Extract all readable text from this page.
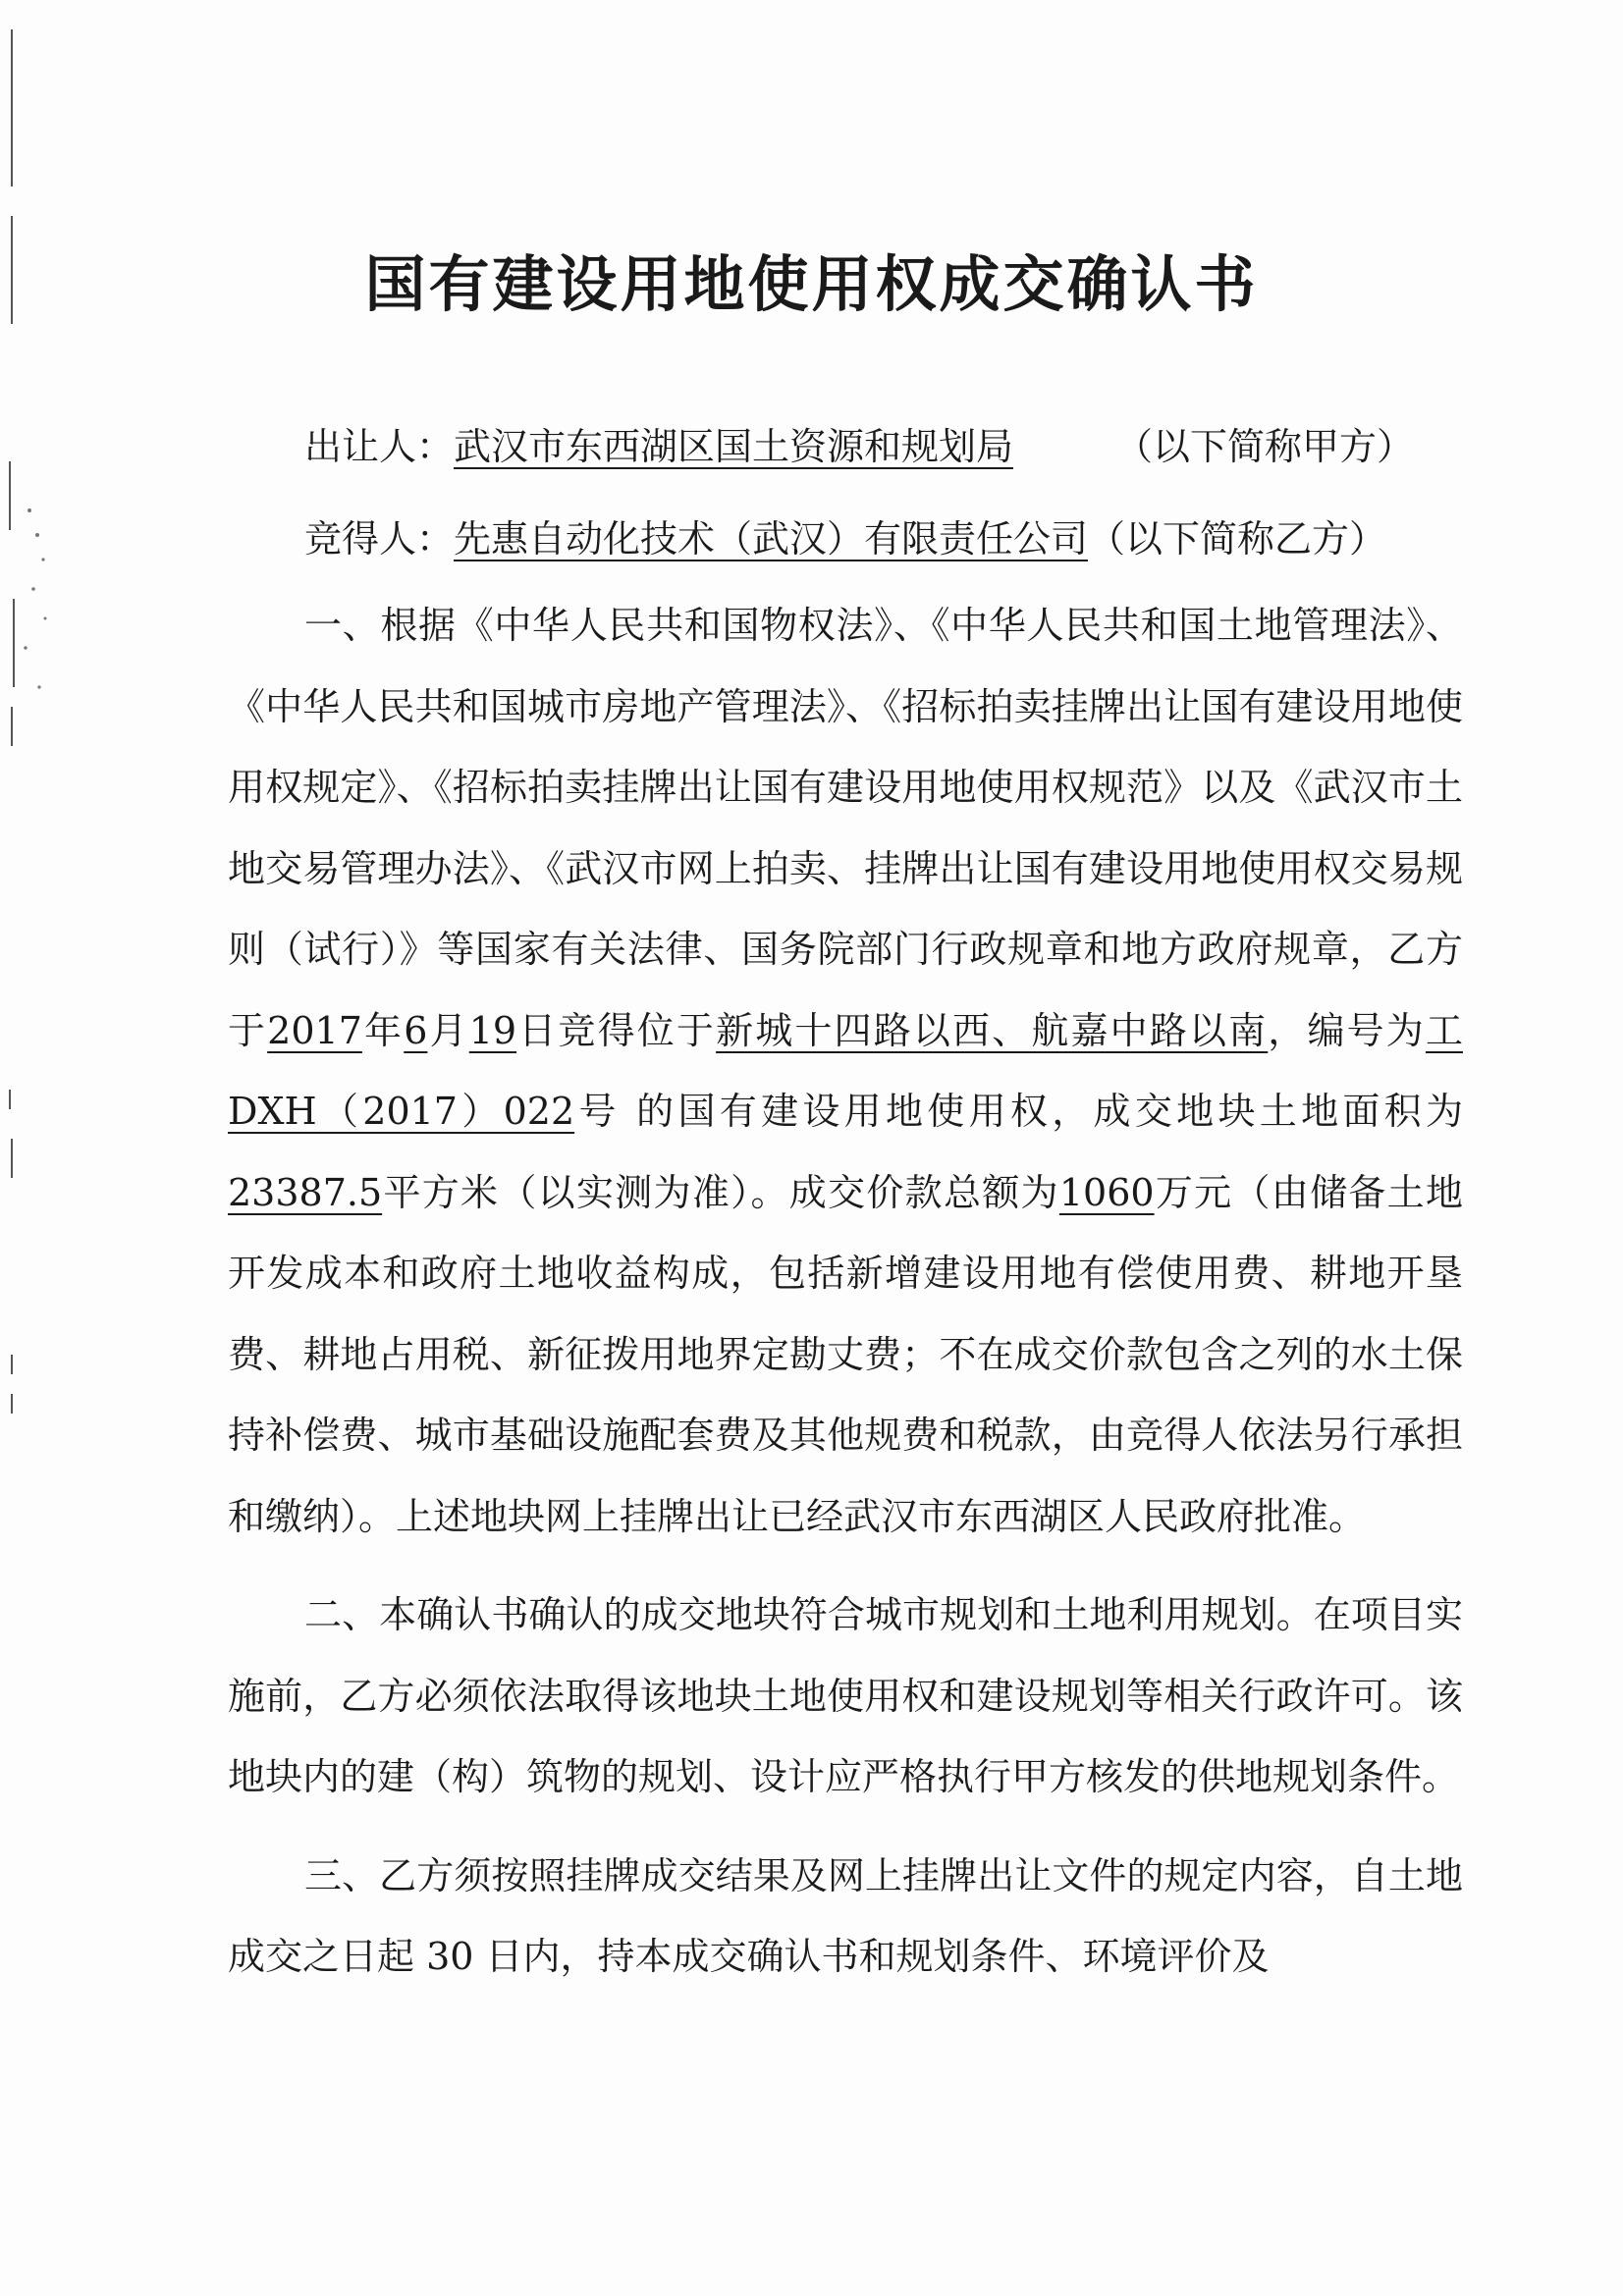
国有建设用地使用权成交确认书

出让人：武汉市东西湖区国土资源和规划局	（以下简称甲方）

竞得人：先惠自动化技术（武汉）有限责任公司（以下简称乙方）

一、根据《中华人民共和国物权法》、《中华人民共和国土地管理法》、《中华人民共和国城市房地产管理法》、《招标拍卖挂牌出让国有建设用地使用权规定》、《招标拍卖挂牌出让国有建设用地使用权规范》以及《武汉市土地交易管理办法》、《武汉市网上拍卖、挂牌出让国有建设用地使用权交易规则（试行）》等国家有关法律、国务院部门行政规章和地方政府规章，乙方于2017年6月19日竞得位于新城十四路以西、航嘉中路以南，编号为工 DXH（2017）022号 的国有建设用地使用权，成交地块土地面积为23387.5平方米（以实测为准）。成交价款总额为1060万元（由储备土地开发成本和政府土地收益构成，包括新增建设用地有偿使用费、耕地开垦费、耕地占用税、新征拨用地界定勘丈费；不在成交价款包含之列的水土保持补偿费、城市基础设施配套费及其他规费和税款，由竞得人依法另行承担和缴纳）。上述地块网上挂牌出让已经武汉市东西湖区人民政府批准。

二、本确认书确认的成交地块符合城市规划和土地利用规划。在项目实施前，乙方必须依法取得该地块土地使用权和建设规划等相关行政许可。该地块内的建（构）筑物的规划、设计应严格执行甲方核发的供地规划条件。

三、乙方须按照挂牌成交结果及网上挂牌出让文件的规定内容，自土地成交之日起 30 日内，持本成交确认书和规划条件、环境评价及
